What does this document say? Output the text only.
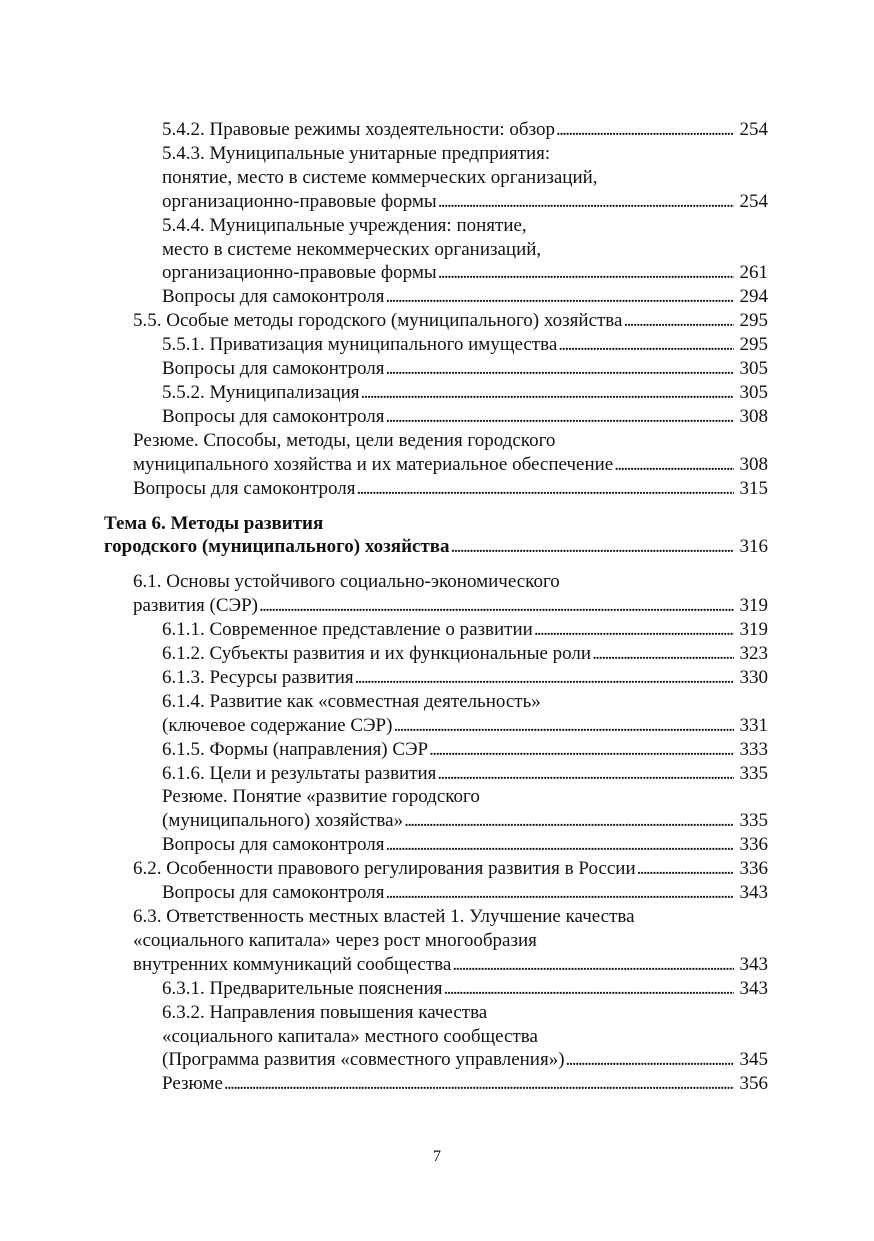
5.4.2. Правовые режимы хоздеятельности: обзор . . .	254
5.4.3. Муниципальные унитарные предприятия:
понятие, место в системе коммерческих организаций,
организационно-правовые формы . . .	254
5.4.4. Муниципальные учреждения: понятие,
место в системе некоммерческих организаций,
организационно-правовые формы . . .	261
Вопросы для самоконтроля . . .	294
5.5. Особые методы городского (муниципального) хозяйства . . .	295
5.5.1. Приватизация муниципального имущества . . .	295
Вопросы для самоконтроля . . .	305
5.5.2. Муниципализация . . .	305
Вопросы для самоконтроля . . .	308
Резюме. Способы, методы, цели ведения городского
муниципального хозяйства и их материальное обеспечение . . .	308
Вопросы для самоконтроля . . .	315
Тема 6. Методы развития
городского (муниципального) хозяйства . . .	316
6.1. Основы устойчивого социально-экономического
развития (СЭР) . . .	319
6.1.1. Современное представление о развитии . . .	319
6.1.2. Субъекты развития и их функциональные роли . . .	323
6.1.3. Ресурсы развития . . .	330
6.1.4. Развитие как «совместная деятельность»
(ключевое содержание СЭР) . . .	331
6.1.5. Формы (направления) СЭР . . .	333
6.1.6. Цели и результаты развития . . .	335
Резюме. Понятие «развитие городского
(муниципального) хозяйства» . . .	335
Вопросы для самоконтроля . . .	336
6.2. Особенности правового регулирования развития в России . . .	336
Вопросы для самоконтроля . . .	343
6.3. Ответственность местных властей 1. Улучшение качества
«социального капитала» через рост многообразия
внутренних коммуникаций сообщества . . .	343
6.3.1. Предварительные пояснения . . .	343
6.3.2. Направления повышения качества
«социального капитала» местного сообщества
(Программа развития «совместного управления») . . .	345
Резюме . . .	356
7
